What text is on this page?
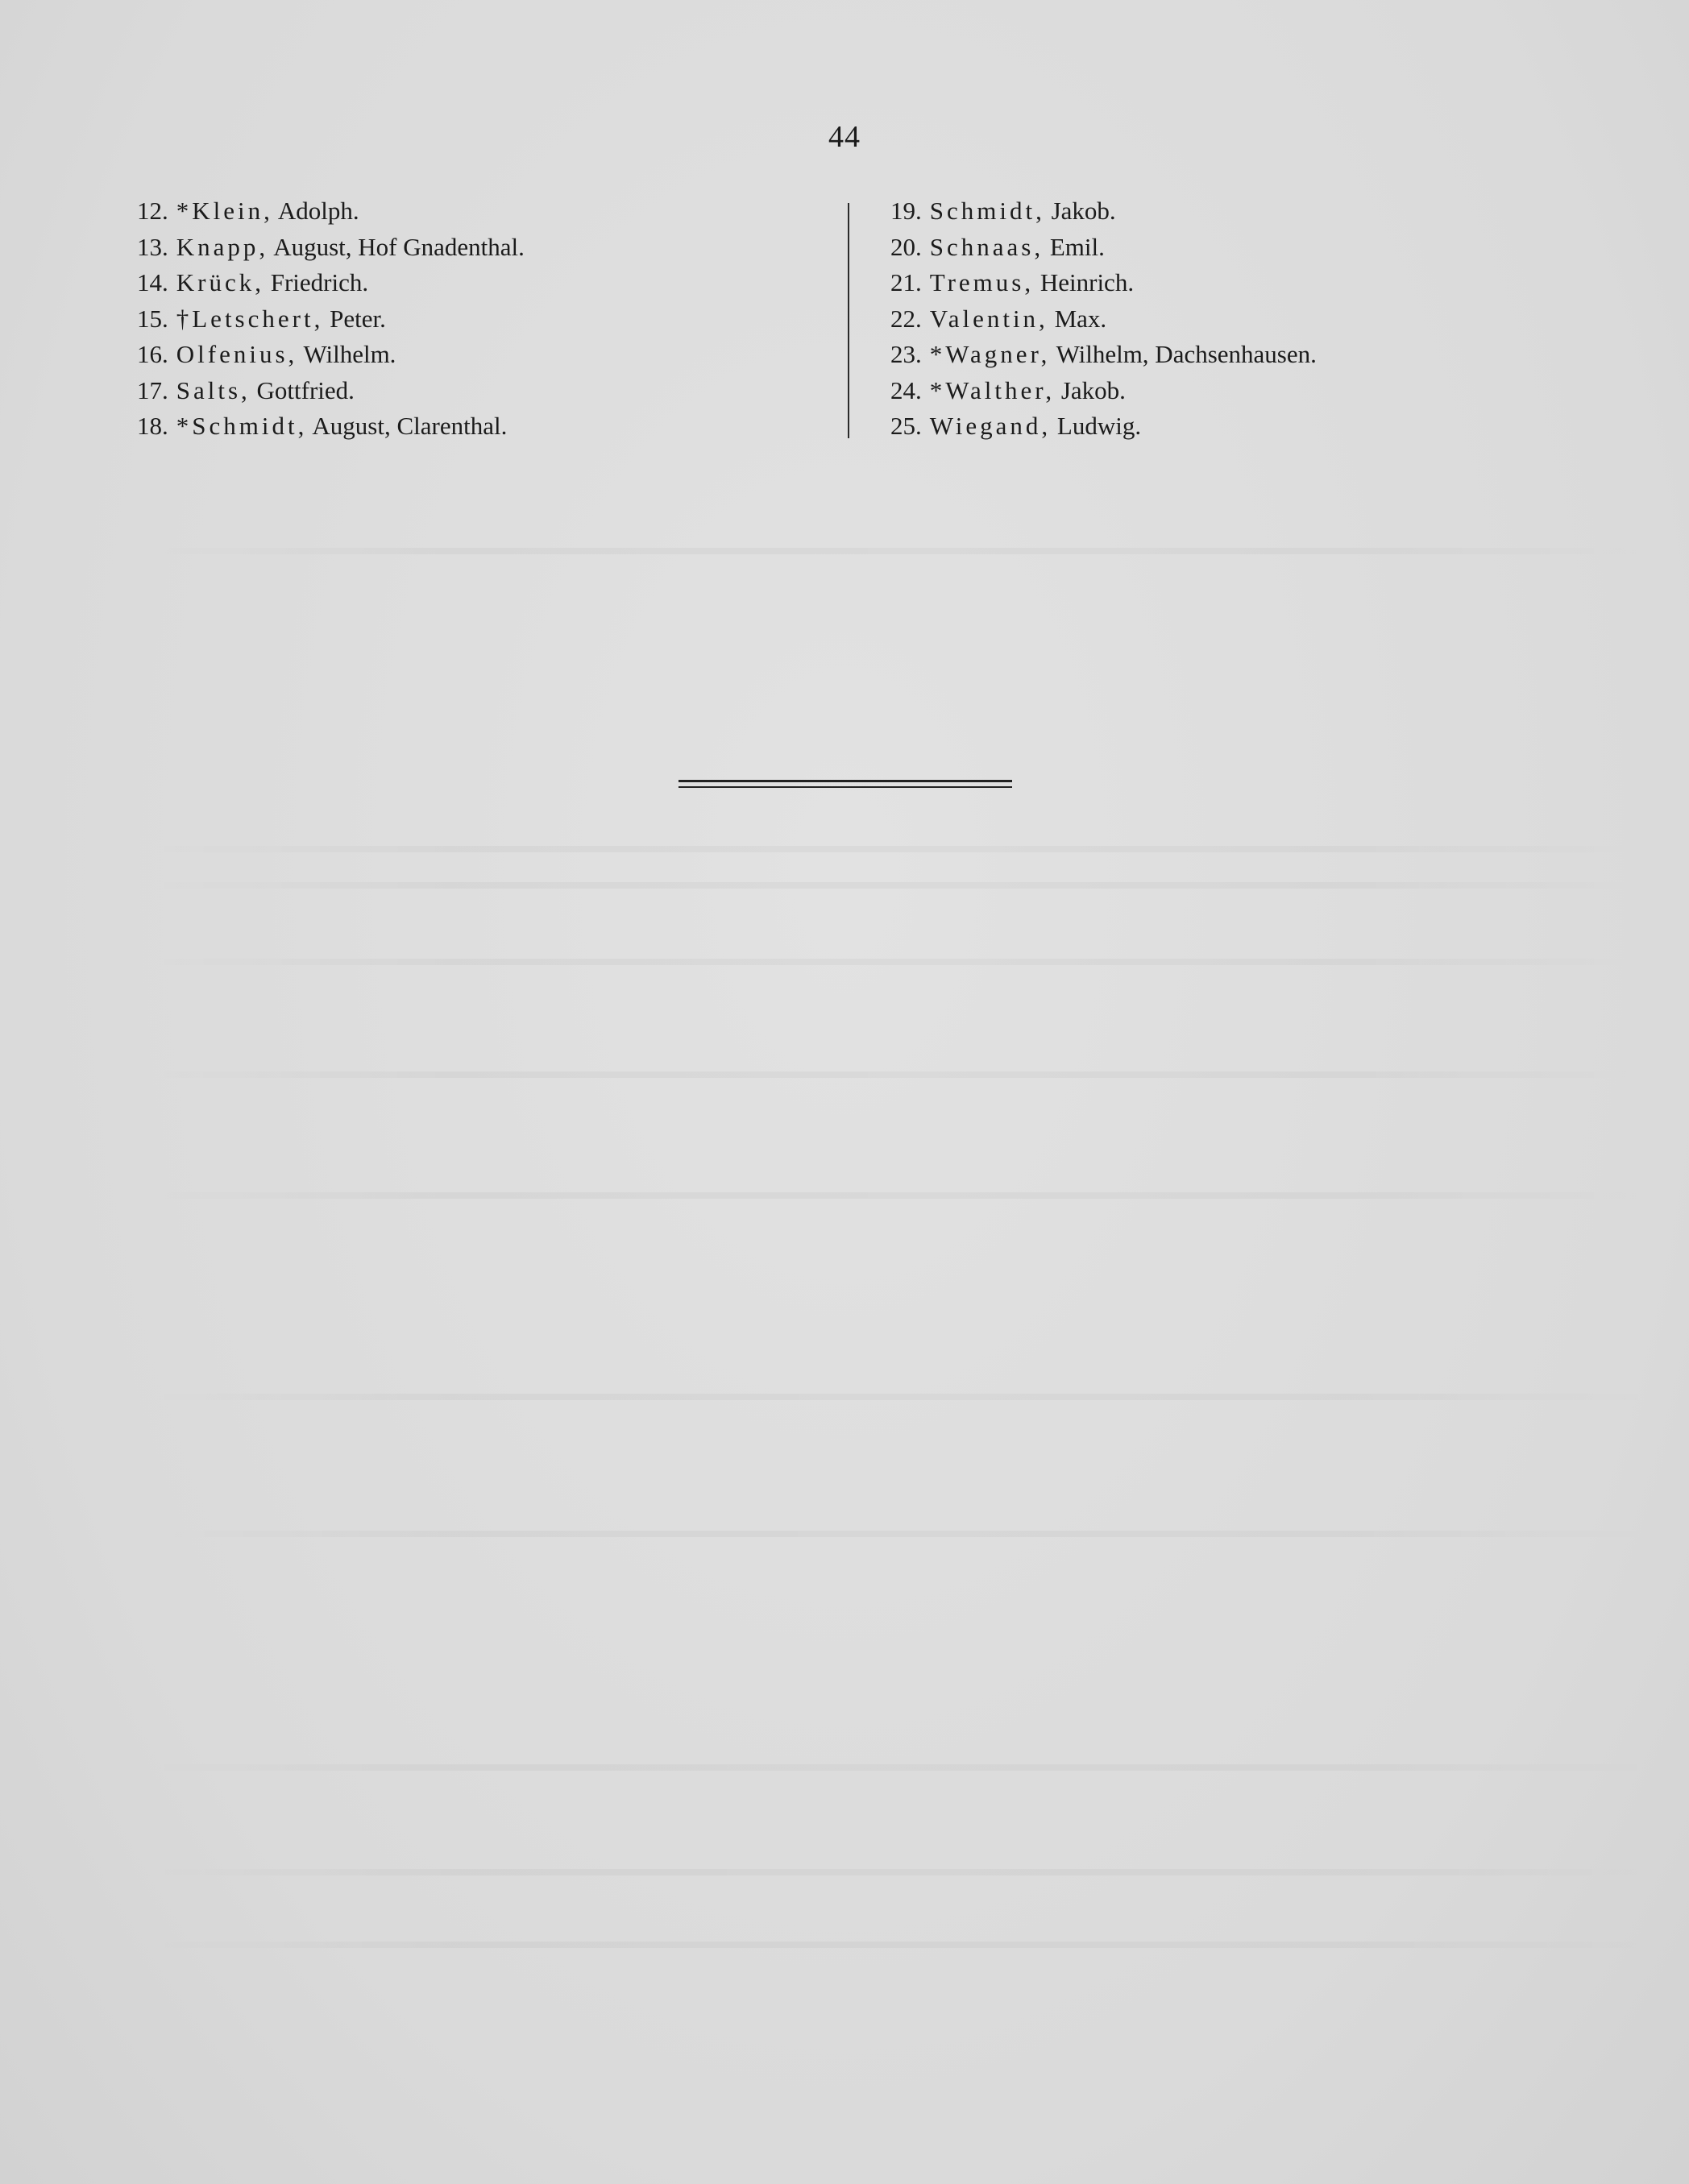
44
12. *Klein, Adolph.
13. Knapp, August, Hof Gnadenthal.
14. Krück, Friedrich.
15. †Letschert, Peter.
16. Olfenius, Wilhelm.
17. Salts, Gottfried.
18. *Schmidt, August, Clarenthal.
19. Schmidt, Jakob.
20. Schnaas, Emil.
21. Tremus, Heinrich.
22. Valentin, Max.
23. *Wagner, Wilhelm, Dachsenhausen.
24. *Walther, Jakob.
25. Wiegand, Ludwig.
